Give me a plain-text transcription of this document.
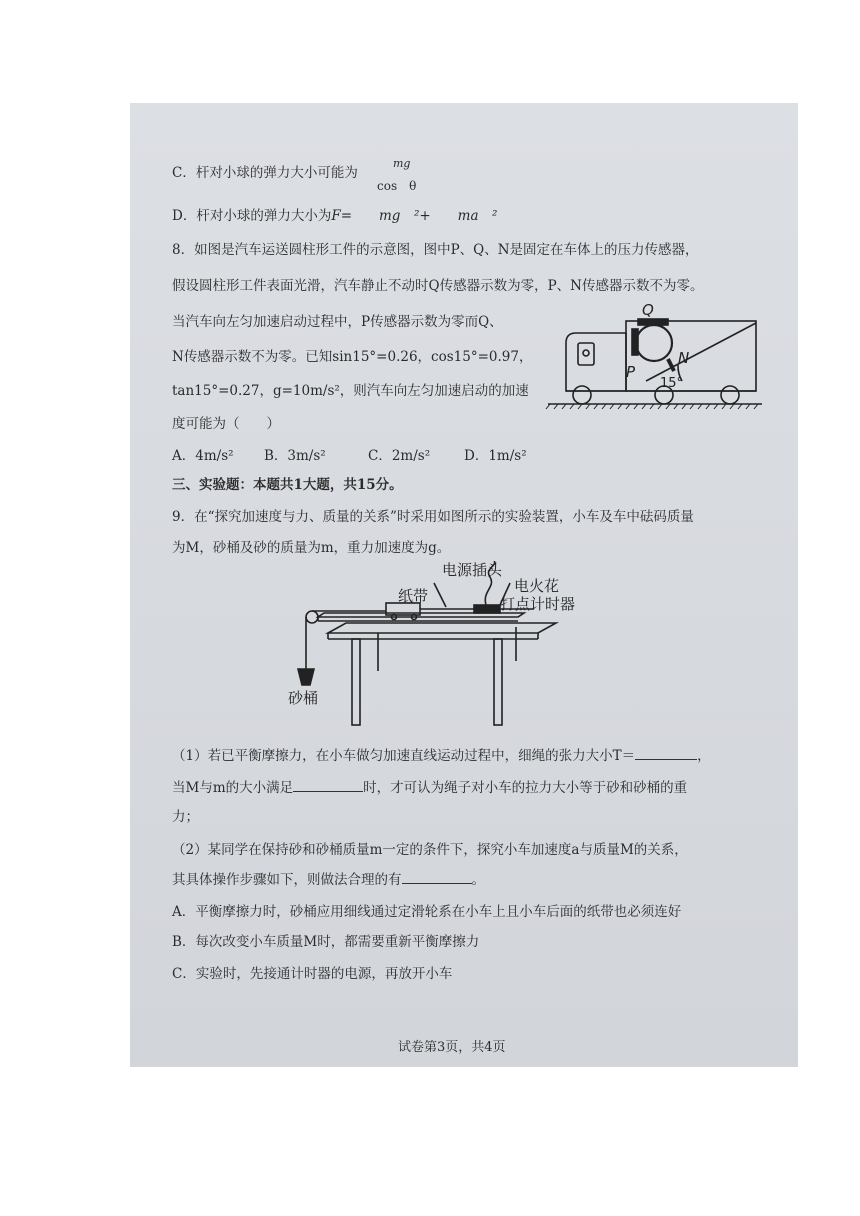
C．杆对小球的弹力大小可能为
mg
cos　θ
D．杆对小球的弹力大小为F=　　mg　²+　　ma　²
8．如图是汽车运送圆柱形工件的示意图，图中P、Q、N是固定在车体上的压力传感器，
假设圆柱形工件表面光滑，汽车静止不动时Q传感器示数为零，P、N传感器示数不为零。
当汽车向左匀加速启动过程中，P传感器示数为零而Q、
N传感器示数不为零。已知sin15°=0.26，cos15°=0.97，
tan15°=0.27，g=10m/s²，则汽车向左匀加速启动的加速
度可能为（　　）
Q
N
P
15°
A．4m/s² B．3m/s²	C．2m/s²	D．1m/s²
三、实验题：本题共1大题，共15分。
9．在“探究加速度与力、质量的关系”时采用如图所示的实验装置，小车及车中砝码质量
为M，砂桶及砂的质量为m，重力加速度为g。
电源插头
纸带
电火花
打点计时器
砂桶
（1）若已平衡摩擦力，在小车做匀加速直线运动过程中，细绳的张力大小T＝	，
当M与m的大小满足	时，才可认为绳子对小车的拉力大小等于砂和砂桶的重
力；
（2）某同学在保持砂和砂桶质量m一定的条件下，探究小车加速度a与质量M的关系，
其具体操作步骤如下，则做法合理的有	。
A．平衡摩擦力时，砂桶应用细线通过定滑轮系在小车上且小车后面的纸带也必须连好
B．每次改变小车质量M时，都需要重新平衡摩擦力
C．实验时，先接通计时器的电源，再放开小车
试卷第3页，共4页
